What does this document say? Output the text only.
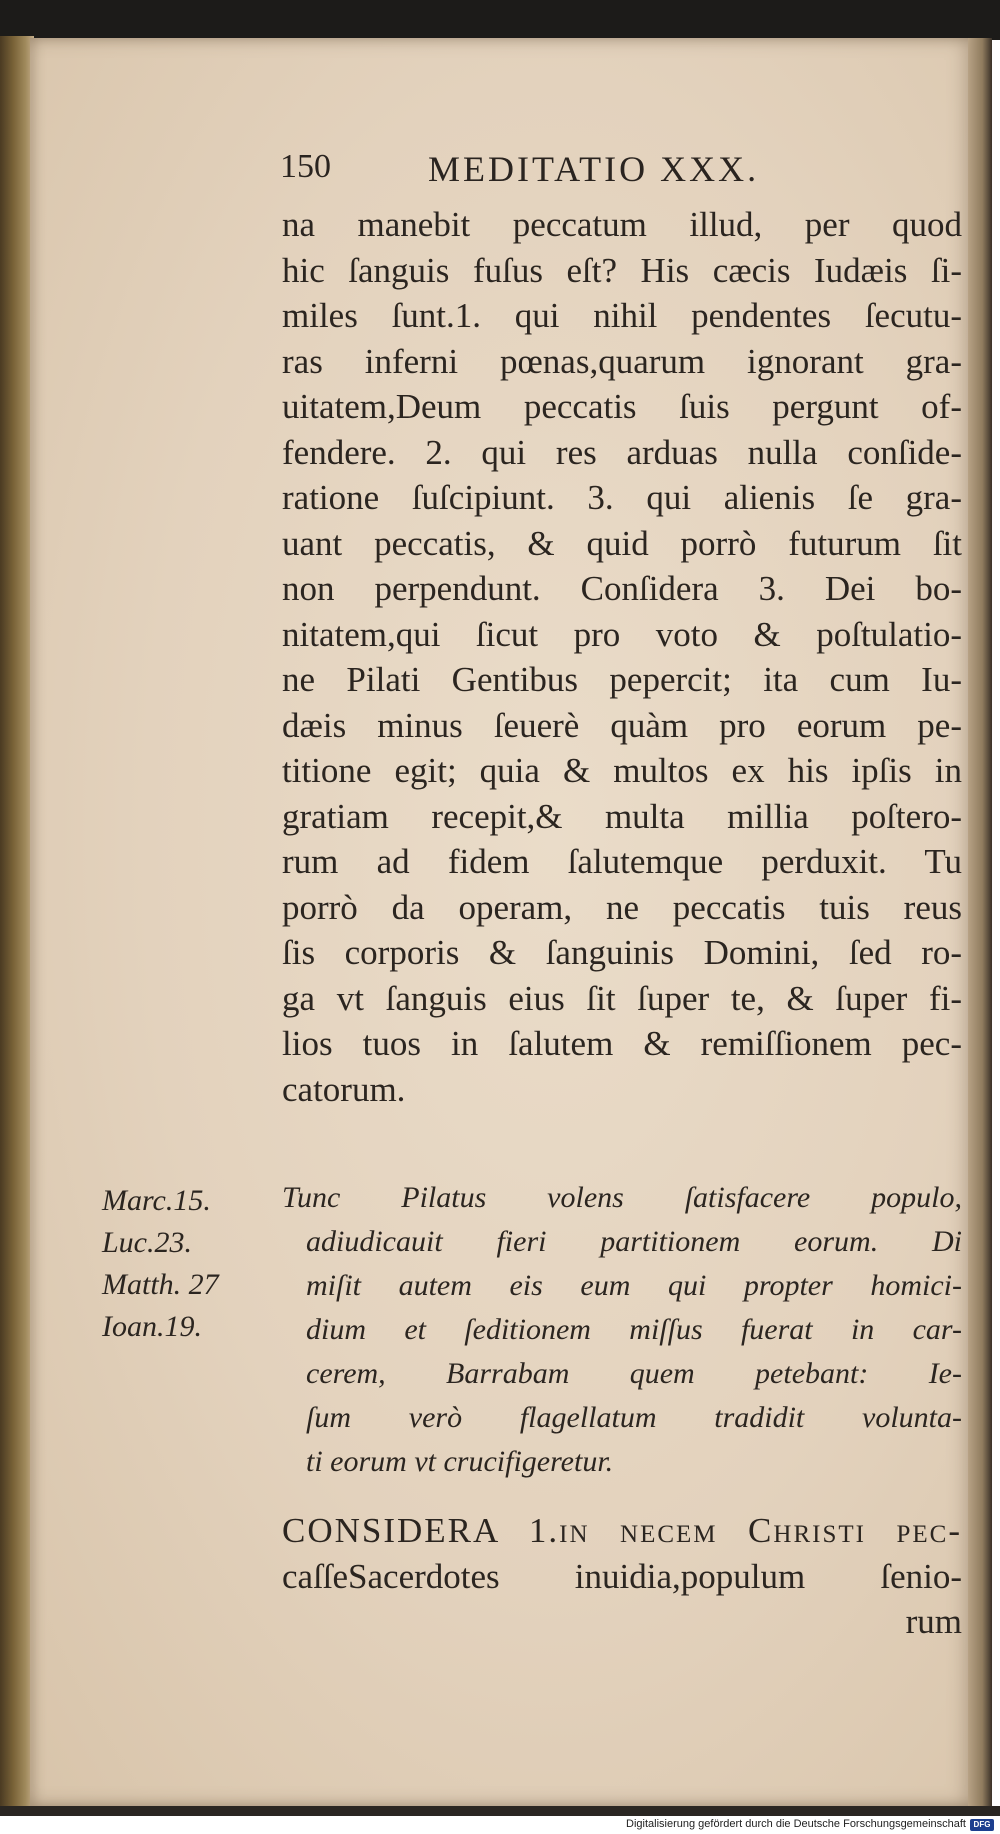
150	MEDITATIO XXX.
na manebit peccatum illud, per quod
hic ſanguis fuſus eſt? His cæcis Iudæis ſi-
miles ſunt.1. qui nihil pendentes ſecutu-
ras inferni pœnas,quarum ignorant gra-
uitatem,Deum peccatis ſuis pergunt of-
fendere. 2. qui res arduas nulla conſide-
ratione ſuſcipiunt. 3. qui alienis ſe gra-
uant peccatis, & quid porrò futurum ſit
non perpendunt. Conſidera 3. Dei bo-
nitatem,qui ſicut pro voto & poſtulatio-
ne Pilati Gentibus pepercit; ita cum Iu-
dæis minus ſeuerè quàm pro eorum pe-
titione egit; quia & multos ex his ipſis in
gratiam recepit,& multa millia poſtero-
rum ad fidem ſalutemque perduxit. Tu
porrò da operam, ne peccatis tuis reus
ſis corporis & ſanguinis Domini, ſed ro-
ga vt ſanguis eius ſit ſuper te, & ſuper fi-
lios tuos in ſalutem & remiſſionem pec-
catorum.
Marc.15.
Luc.23.
Matth. 27
Ioan.19.
Tunc Pilatus volens ſatisfacere populo,
adiudicauit fieri partitionem eorum. Di
miſit autem eis eum qui propter homici-
dium et ſeditionem miſſus fuerat in car-
cerem, Barrabam quem petebant: Ie-
ſum verò flagellatum tradidit volunta-
ti eorum vt crucifigeretur.
CONSIDERA 1.in necem Chriſti pec-
caſſeSacerdotes inuidia,populum ſenio-
rum
Digitalisierung gefördert durch die Deutsche Forschungsgemeinschaft DFG
